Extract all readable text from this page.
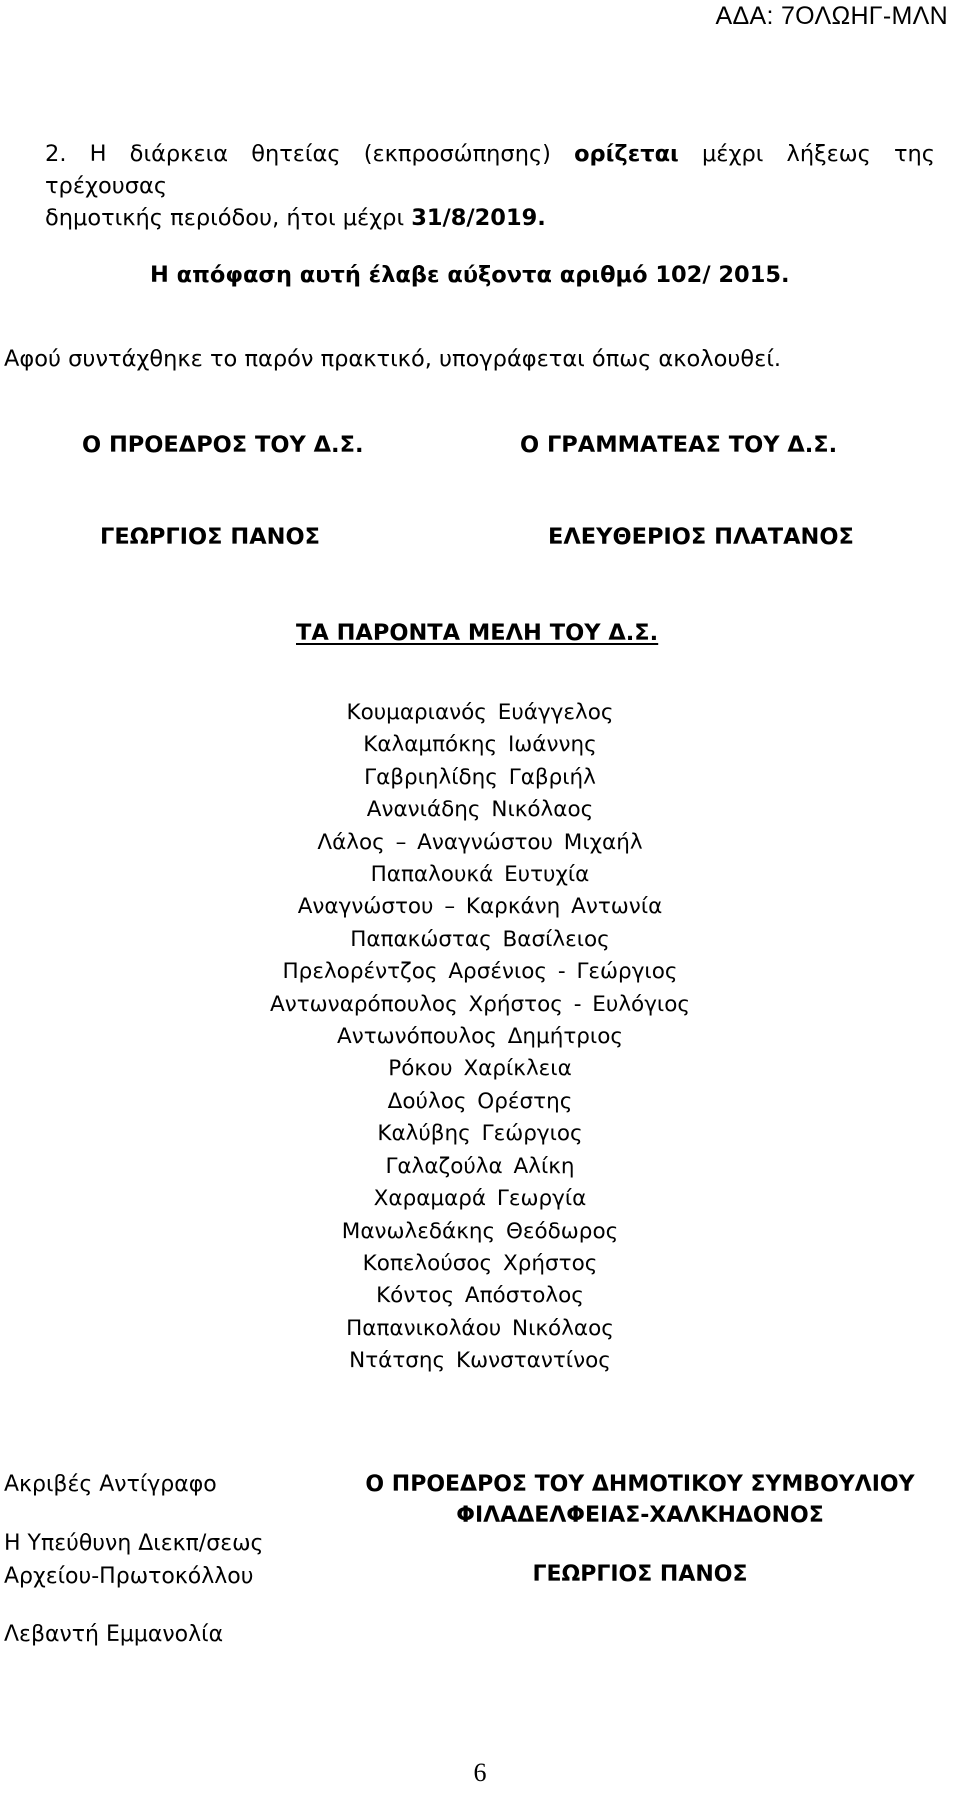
ΑΔΑ: 7ΟΛΩΗΓ-ΜΛΝ
2. Η διάρκεια θητείας (εκπροσώπησης) ορίζεται μέχρι λήξεως της τρέχουσας
δημοτικής περιόδου, ήτοι μέχρι 31/8/2019.
Η απόφαση αυτή έλαβε αύξοντα αριθμό 102/ 2015.
Αφού συντάχθηκε το παρόν πρακτικό, υπογράφεται όπως ακολουθεί.
Ο ΠΡΟΕΔΡΟΣ ΤΟΥ Δ.Σ.	Ο ΓΡΑΜΜΑΤΕΑΣ ΤΟΥ Δ.Σ.
ΓΕΩΡΓΙΟΣ ΠΑΝΟΣ	ΕΛΕΥΘΕΡΙΟΣ ΠΛΑΤΑΝΟΣ
ΤΑ ΠΑΡΟΝΤΑ ΜΕΛΗ ΤΟΥ Δ.Σ.
Κουμαριανός Ευάγγελος
Καλαμπόκης Ιωάννης
Γαβριηλίδης Γαβριήλ
Ανανιάδης Νικόλαος
Λάλος – Αναγνώστου Μιχαήλ
Παπαλουκά Ευτυχία
Αναγνώστου – Καρκάνη Αντωνία
Παπακώστας Βασίλειος
Πρελορέντζος Αρσένιος - Γεώργιος
Αντωναρόπουλος Χρήστος - Ευλόγιος
Αντωνόπουλος Δημήτριος
Ρόκου Χαρίκλεια
Δούλος Ορέστης
Καλύβης Γεώργιος
Γαλαζούλα Αλίκη
Χαραμαρά Γεωργία
Μανωλεδάκης Θεόδωρος
Κοπελούσος Χρήστος
Κόντος Απόστολος
Παπανικολάου Νικόλαος
Ντάτσης Κωνσταντίνος
Ακριβές Αντίγραφο
Η Υπεύθυνη Διεκπ/σεως
Αρχείου-Πρωτοκόλλου
Λεβαντή Εμμανολία
Ο ΠΡΟΕΔΡΟΣ ΤΟΥ ΔΗΜΟΤΙΚΟΥ ΣΥΜΒΟΥΛΙΟΥ
ΦΙΛΑΔΕΛΦΕΙΑΣ-ΧΑΛΚΗΔΟΝΟΣ
ΓΕΩΡΓΙΟΣ ΠΑΝΟΣ
6
